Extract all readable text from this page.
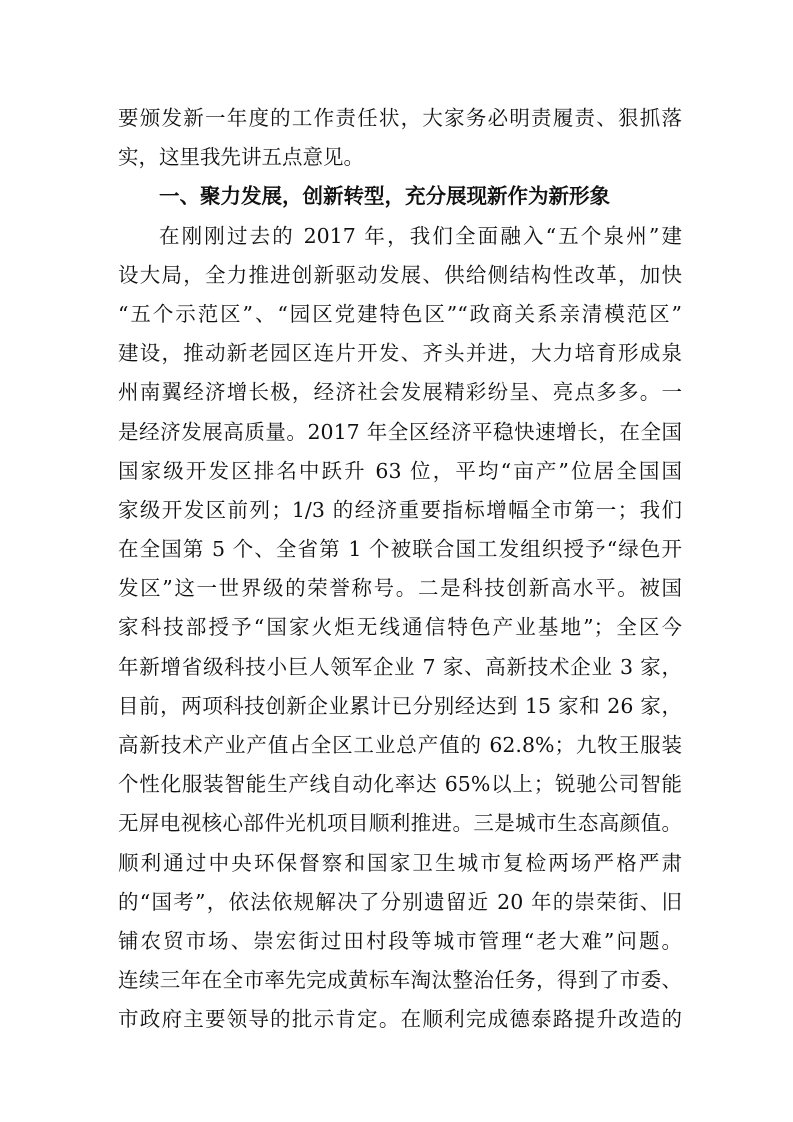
要颁发新一年度的工作责任状，大家务必明责履责、狠抓落
实，这里我先讲五点意见。
一、聚力发展，创新转型，充分展现新作为新形象
在刚刚过去的 2017 年，我们全面融入“五个泉州”建
设大局，全力推进创新驱动发展、供给侧结构性改革，加快
“五个示范区”、“园区党建特色区”“政商关系亲清模范区”
建设，推动新老园区连片开发、齐头并进，大力培育形成泉
州南翼经济增长极，经济社会发展精彩纷呈、亮点多多。一
是经济发展高质量。2017 年全区经济平稳快速增长，在全国
国家级开发区排名中跃升 63 位，平均“亩产”位居全国国
家级开发区前列；1/3 的经济重要指标增幅全市第一；我们
在全国第 5 个、全省第 1 个被联合国工发组织授予“绿色开
发区”这一世界级的荣誉称号。二是科技创新高水平。被国
家科技部授予“国家火炬无线通信特色产业基地”；全区今
年新增省级科技小巨人领军企业 7 家、高新技术企业 3 家，
目前，两项科技创新企业累计已分别经达到 15 家和 26 家，
高新技术产业产值占全区工业总产值的 62.8%；九牧王服装
个性化服装智能生产线自动化率达 65%以上；锐驰公司智能
无屏电视核心部件光机项目顺利推进。三是城市生态高颜值。
顺利通过中央环保督察和国家卫生城市复检两场严格严肃
的“国考”，依法依规解决了分别遗留近 20 年的崇荣街、旧
铺农贸市场、崇宏街过田村段等城市管理“老大难”问题。
连续三年在全市率先完成黄标车淘汰整治任务，得到了市委、
市政府主要领导的批示肯定。在顺利完成德泰路提升改造的
